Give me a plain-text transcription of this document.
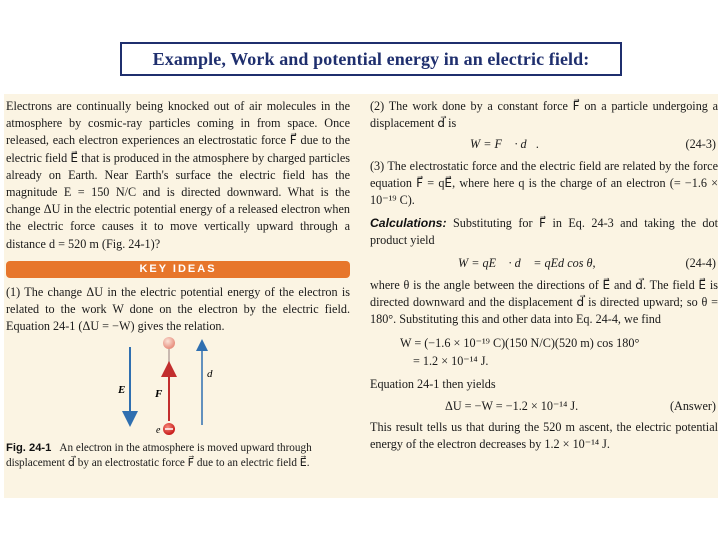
Example, Work and potential energy in an electric field:

Electrons are continually being knocked out of air molecules in the atmosphere by cosmic-ray particles coming in from space. Once released, each electron experiences an electrostatic force F⃗ due to the electric field E⃗ that is produced in the atmosphere by charged particles already on Earth. Near Earth's surface the electric field has the magnitude E = 150 N/C and is directed downward. What is the change ΔU in the electric potential energy of a released electron when the electric force causes it to move vertically upward through a distance d = 520 m (Fig. 24-1)?

KEY IDEAS

(1) The change ΔU in the electric potential energy of the electron is related to the work W done on the electron by the electric field. Equation 24-1 (ΔU = −W) gives the relation.

E⃗ F⃗
e
d⃗

Fig. 24-1 An electron in the atmosphere is moved upward through displacement d⃗ by an electrostatic force F⃗ due to an electric field E⃗.

(2) The work done by a constant force F⃗ on a particle undergoing a displacement d⃗ is

W = F⃗ · d⃗.	(24-3)

(3) The electrostatic force and the electric field are related by the force equation F⃗ = qE⃗, where here q is the charge of an electron (= −1.6 × 10⁻¹⁹ C).

Calculations: Substituting for F⃗ in Eq. 24-3 and taking the dot product yield

W = qE⃗ · d⃗ = qEd cos θ,	(24-4)

where θ is the angle between the directions of E⃗ and d⃗. The field E⃗ is directed downward and the displacement d⃗ is directed upward; so θ = 180°. Substituting this and other data into Eq. 24-4, we find

W = (−1.6 × 10⁻¹⁹ C)(150 N/C)(520 m) cos 180°
= 1.2 × 10⁻¹⁴ J.

Equation 24-1 then yields

ΔU = −W = −1.2 × 10⁻¹⁴ J.	(Answer)

This result tells us that during the 520 m ascent, the electric potential energy of the electron decreases by 1.2 × 10⁻¹⁴ J.
